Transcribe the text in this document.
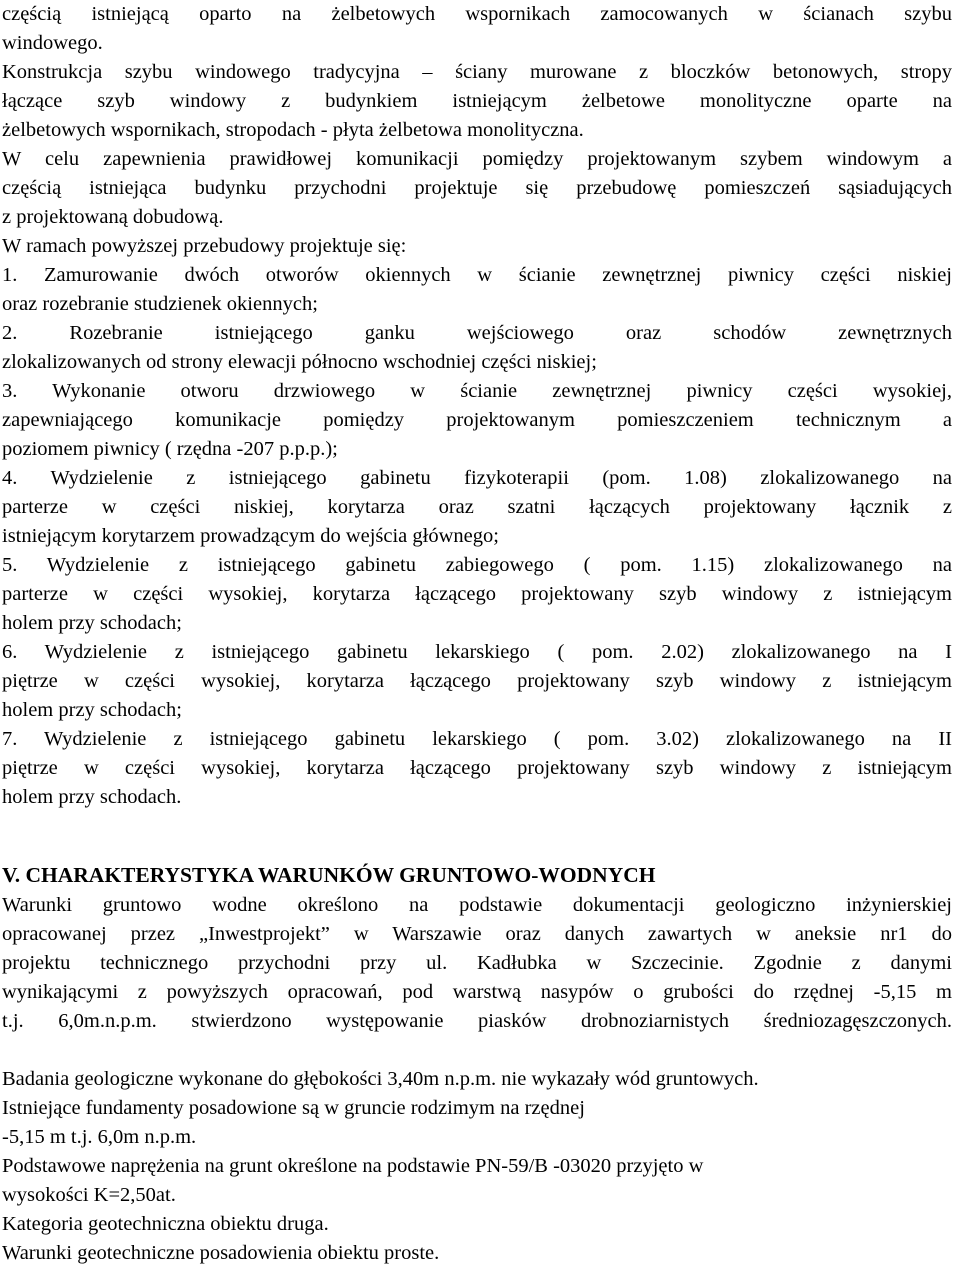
częścią istniejącą oparto na żelbetowych wspornikach zamocowanych w ścianach szybu
windowego.
Konstrukcja szybu windowego tradycyjna – ściany murowane z bloczków betonowych, stropy
łączące szyb windowy z budynkiem istniejącym żelbetowe monolityczne oparte na
żelbetowych wspornikach, stropodach - płyta żelbetowa monolityczna.
W celu zapewnienia prawidłowej komunikacji pomiędzy projektowanym szybem windowym a
częścią istniejąca budynku przychodni projektuje się przebudowę pomieszczeń sąsiadujących
z projektowaną dobudową.
W ramach powyższej przebudowy projektuje się:
1. Zamurowanie dwóch otworów okiennych w ścianie zewnętrznej piwnicy części niskiej
oraz rozebranie studzienek okiennych;
2. Rozebranie istniejącego ganku wejściowego oraz schodów zewnętrznych
zlokalizowanych od strony elewacji północno wschodniej części niskiej;
3. Wykonanie otworu drzwiowego w ścianie zewnętrznej piwnicy części wysokiej,
zapewniającego komunikacje pomiędzy projektowanym pomieszczeniem technicznym a
poziomem piwnicy ( rzędna -207 p.p.p.);
4. Wydzielenie z istniejącego gabinetu fizykoterapii (pom. 1.08) zlokalizowanego na
parterze w części niskiej, korytarza oraz szatni łączących projektowany łącznik z
istniejącym korytarzem prowadzącym do wejścia głównego;
5. Wydzielenie z istniejącego gabinetu zabiegowego ( pom. 1.15) zlokalizowanego na
parterze w części wysokiej, korytarza łączącego projektowany szyb windowy z istniejącym
holem przy schodach;
6. Wydzielenie z istniejącego gabinetu lekarskiego ( pom. 2.02) zlokalizowanego na I
piętrze w części wysokiej, korytarza łączącego projektowany szyb windowy z istniejącym
holem przy schodach;
7. Wydzielenie z istniejącego gabinetu lekarskiego ( pom. 3.02) zlokalizowanego na II
piętrze w części wysokiej, korytarza łączącego projektowany szyb windowy z istniejącym
holem przy schodach.
V. CHARAKTERYSTYKA WARUNKÓW GRUNTOWO-WODNYCH
Warunki gruntowo wodne określono na podstawie dokumentacji geologiczno inżynierskiej
opracowanej przez „Inwestprojekt” w Warszawie oraz danych zawartych w aneksie nr1 do
projektu technicznego przychodni przy ul. Kadłubka w Szczecinie. Zgodnie z danymi
wynikającymi z powyższych opracowań, pod warstwą nasypów o grubości do rzędnej -5,15 m
t.j. 6,0m.n.p.m. stwierdzono występowanie piasków drobnoziarnistych średniozagęszczonych.
Badania geologiczne wykonane do głębokości 3,40m n.p.m. nie wykazały wód gruntowych.
Istniejące fundamenty posadowione są w gruncie rodzimym na rzędnej
-5,15 m t.j. 6,0m n.p.m.
Podstawowe naprężenia na grunt określone na podstawie PN-59/B -03020 przyjęto w
wysokości K=2,50at.
Kategoria geotechniczna obiektu druga.
Warunki geotechniczne posadowienia obiektu proste.
